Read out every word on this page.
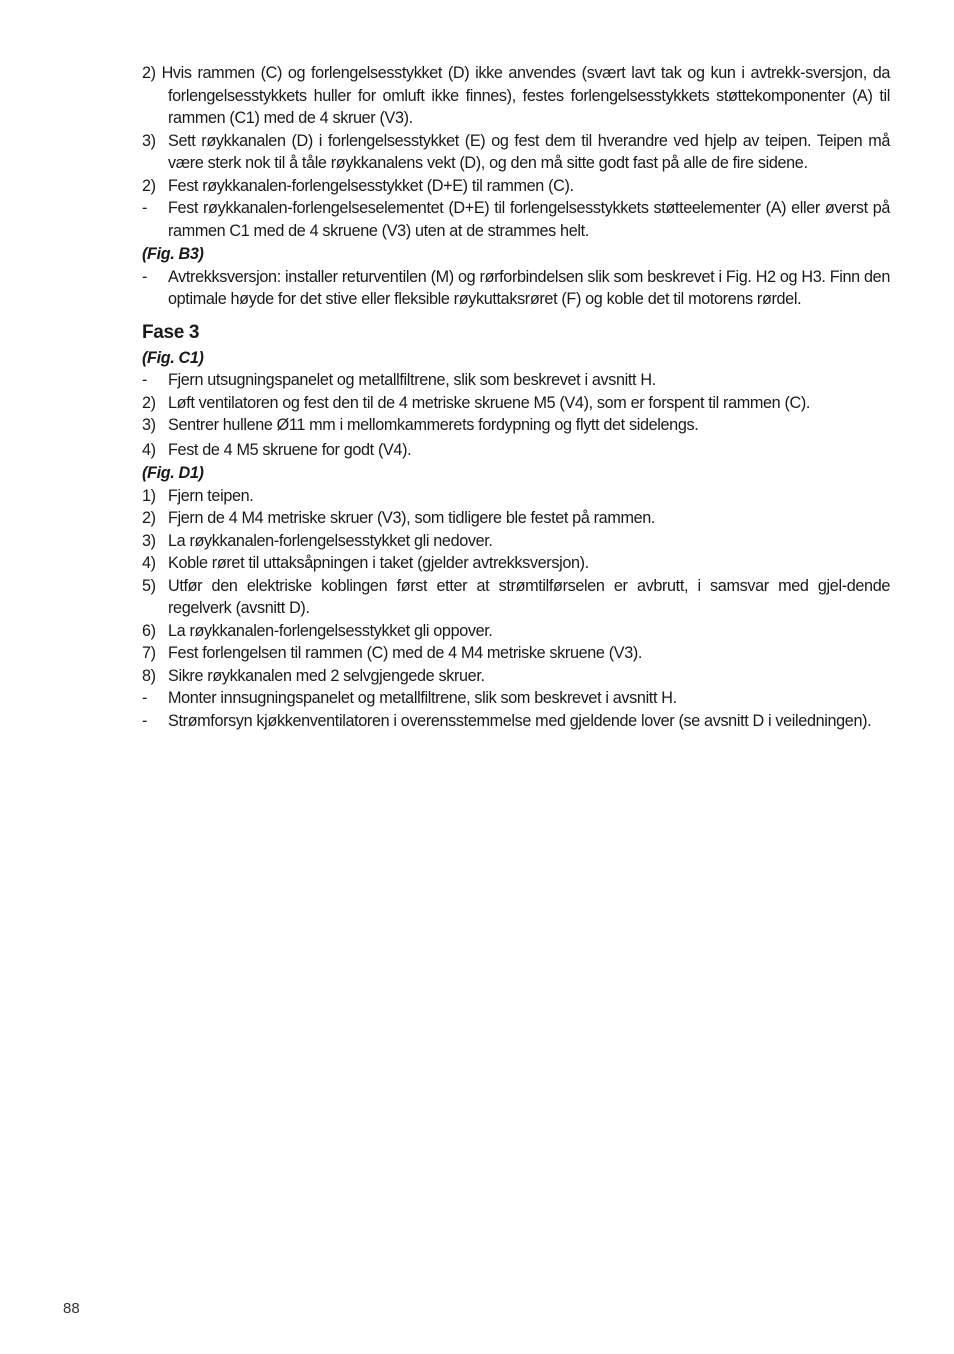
2) Hvis rammen (C) og forlengelsesstykket (D) ikke anvendes (svært lavt tak og kun i avtrekk-sversjon, da forlengelsesstykkets huller for omluft ikke finnes), festes forlengelsesstykkets støttekomponenter (A) til rammen (C1) med de 4 skruer (V3).
3) Sett røykkanalen (D) i forlengelsesstykket (E) og fest dem til hverandre ved hjelp av teipen. Teipen må være sterk nok til å tåle røykkanalens vekt (D), og den må sitte godt fast på alle de fire sidene.
2) Fest røykkanalen-forlengelsesstykket (D+E) til rammen (C).
- Fest røykkanalen-forlengelseselementet (D+E) til forlengelsesstykkets støtteelementer (A) eller øverst på rammen C1 med de 4 skruene (V3) uten at de strammes helt.
(Fig. B3)
- Avtrekksversjon: installer returventilen (M) og rørforbindelsen slik som beskrevet i Fig. H2 og H3. Finn den optimale høyde for det stive eller fleksible røykuttaksrøret (F) og koble det til motorens rørdel.
Fase 3
(Fig. C1)
- Fjern utsugningspanelet og metallfiltrene, slik som beskrevet i avsnitt H.
2) Løft ventilatoren og fest den til de 4 metriske skruene M5 (V4), som er forspent til rammen (C).
3) Sentrer hullene Ø11 mm i mellomkammerets fordypning og flytt det sidelengs.
4) Fest de 4 M5 skruene for godt (V4).
(Fig. D1)
1) Fjern teipen.
2) Fjern de 4 M4 metriske skruer (V3), som tidligere ble festet på rammen.
3) La røykkanalen-forlengelsesstykket gli nedover.
4) Koble røret til uttaksåpningen i taket (gjelder avtrekksversjon).
5) Utfør den elektriske koblingen først etter at strømtilførselen er avbrutt, i samsvar med gjel-dende regelverk (avsnitt D).
6) La røykkanalen-forlengelsesstykket gli oppover.
7) Fest forlengelsen til rammen (C) med de 4 M4 metriske skruene (V3).
8) Sikre røykkanalen med 2 selvgjengede skruer.
- Monter innsugningspanelet og metallfiltrene, slik som beskrevet i avsnitt H.
- Strømforsyn kjøkkenventilatoren i overensstemmelse med gjeldende lover (se avsnitt D i veiledningen).
88
